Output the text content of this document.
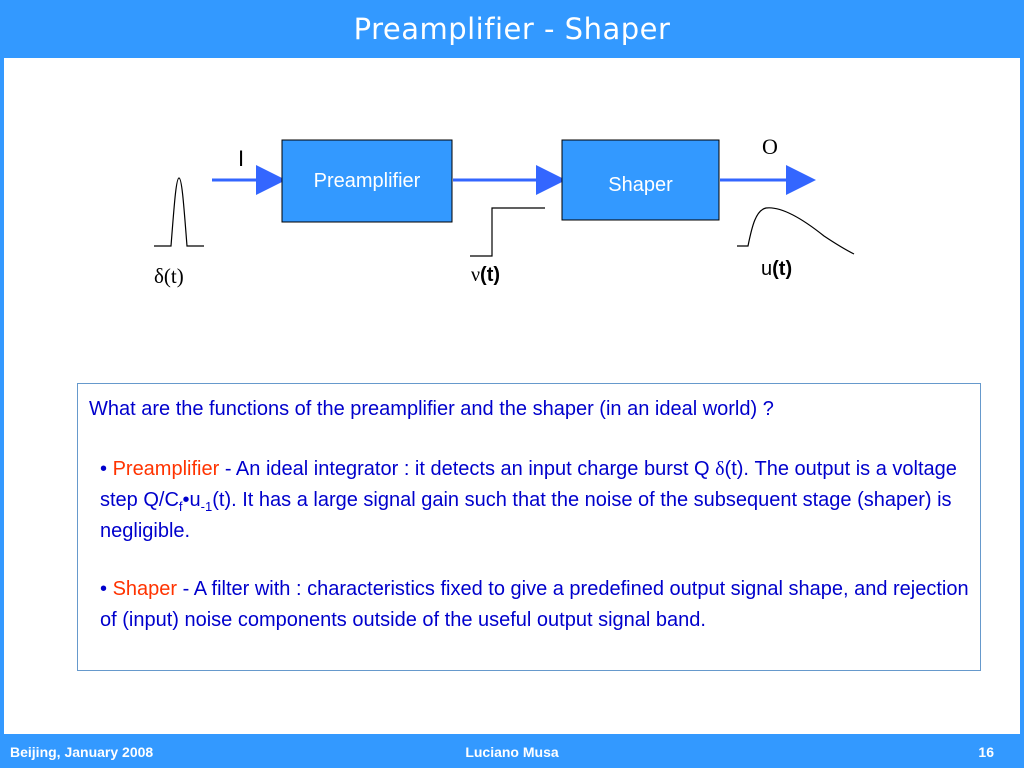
Preamplifier - Shaper
Preamplifier	Shaper
I	O
δ(t)	ν(t)	u(t)
What are the functions of the preamplifier and the shaper (in an ideal world) ?
• Preamplifier - An ideal integrator : it detects an input charge burst Q δ(t). The output is a voltage step $Q/C_f•u_{-1}(t)$. It has a large signal gain such that the noise of the subsequent stage (shaper) is negligible.
• Shaper - A filter with : characteristics fixed to give a predefined output signal shape, and rejection of (input) noise components outside of the useful output signal band.
Beijing, January 2008	Luciano Musa	16
